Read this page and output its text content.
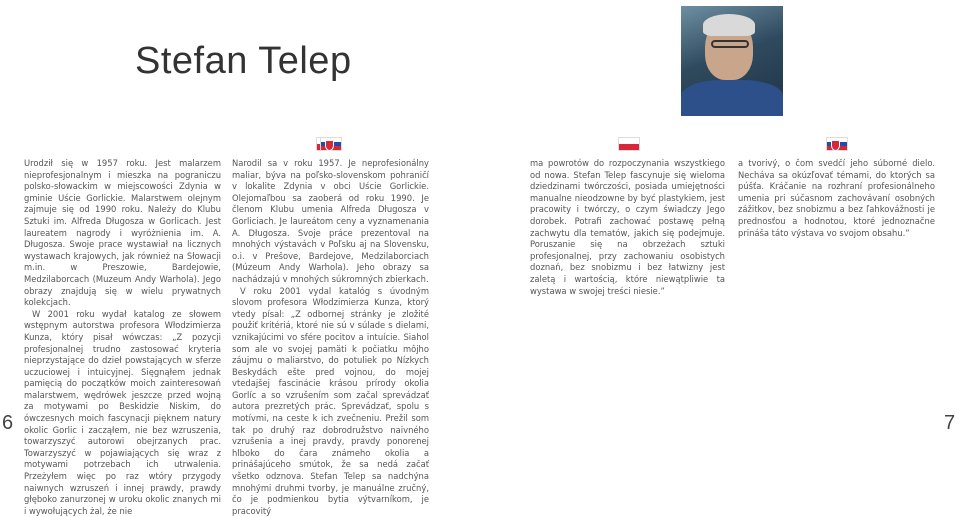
Stefan Telep

Urodził się w 1957 roku. Jest malarzem nieprofesjonalnym i mieszka na pograniczu polsko-słowackim w miejscowości Zdynia w gminie Uście Gorlickie. Malarstwem olejnym zajmuje się od 1990 roku. Należy do Klubu Sztuki im. Alfreda Długosza w Gorlicach. Jest laureatem nagrody i wyróżnienia im. A. Długosza. Swoje prace wystawiał na licznych wystawach krajowych, jak również na Słowacji m.in. w Preszowie, Bardejowie, Medzilaborcach (Muzeum Andy Warhola). Jego obrazy znajdują się w wielu prywatnych kolekcjach.

W 2001 roku wydał katalog ze słowem wstępnym autorstwa profesora Włodzimierza Kunza, który pisał wówczas: „Z pozycji profesjonalnej trudno zastosować kryteria nieprzystające do dzieł powstających w sferze uczuciowej i intuicyjnej. Sięgnąłem jednak pamięcią do początków moich zainteresowań malarstwem, wędrówek jeszcze przed wojną za motywami po Beskidzie Niskim, do ówczesnych moich fascynacji pięknem natury okolic Gorlic i zacząłem, nie bez wzruszenia, towarzyszyć autorowi obejrzanych prac. Towarzyszyć w pojawiających się wraz z motywami potrzebach ich utrwalenia. Przeżyłem więc po raz wtóry przygody naiwnych wzruszeń i innej prawdy, prawdy głęboko zanurzonej w uroku okolic znanych mi i wywołujących żal, że nie

Narodil sa v roku 1957. Je neprofesionálny maliar, býva na poľsko-slovenskom pohraničí v lokalite Zdynia v obci Uście Gorlickie. Olejomaľbou sa zaoberá od roku 1990. Je členom Klubu umenia Alfreda Długosza v Gorliciach. Je laureátom ceny a vyznamenania A. Długosza. Svoje práce prezentoval na mnohých výstavách v Poľsku aj na Slovensku, o.i. v Prešove, Bardejove, Medzilaborciach (Múzeum Andy Warhola). Jeho obrazy sa nachádzajú v mnohých súkromných zbierkach.

V roku 2001 vydal katalóg s úvodným slovom profesora Włodzimierza Kunza, ktorý vtedy písal: „Z odbornej stránky je zložité použiť kritériá, ktoré nie sú v súlade s dielami, vznikajúcimi vo sfére pocitov a intuície. Siahol som ale vo svojej pamäti k počiatku môjho záujmu o maliarstvo, do potuliek po Nízkych Beskydách ešte pred vojnou, do mojej vtedajšej fascinácie krásou prírody okolia Gorlíc a so vzrušením som začal sprevádzať autora prezretých prác. Sprevádzať, spolu s motívmi, na ceste k ich zvečneniu. Prežil som tak po druhý raz dobrodružstvo naivného vzrušenia a inej pravdy, pravdy ponorenej hlboko do čara známeho okolia a prinášajúceho smútok, že sa nedá začať všetko odznova. Stefan Telep sa nadchýna mnohými druhmi tvorby, je manuálne zručný, čo je podmienkou bytia výtvarníkom, je pracovitý

ma powrotów do rozpoczynania wszystkiego od nowa. Stefan Telep fascynuje się wieloma dziedzinami twórczości, posiada umiejętności manualne nieodzowne by być plastykiem, jest pracowity i twórczy, o czym świadczy Jego dorobek. Potrafi zachować postawę pełną zachwytu dla tematów, jakich się podejmuje. Poruszanie się na obrzeżach sztuki profesjonalnej, przy zachowaniu osobistych doznań, bez snobizmu i bez łatwizny jest zaletą i wartością, które niewątpliwie ta wystawa w swojej treści niesie.”

a tvorivý, o čom svedčí jeho súborné dielo. Necháva sa okúzľovať témami, do ktorých sa púšťa. Kráčanie na rozhraní profesionálneho umenia pri súčasnom zachovávaní osobných zážitkov, bez snobizmu a bez ľahkovážnosti je prednosťou a hodnotou, ktoré jednoznačne prináša táto výstava vo svojom obsahu.”

6	7
